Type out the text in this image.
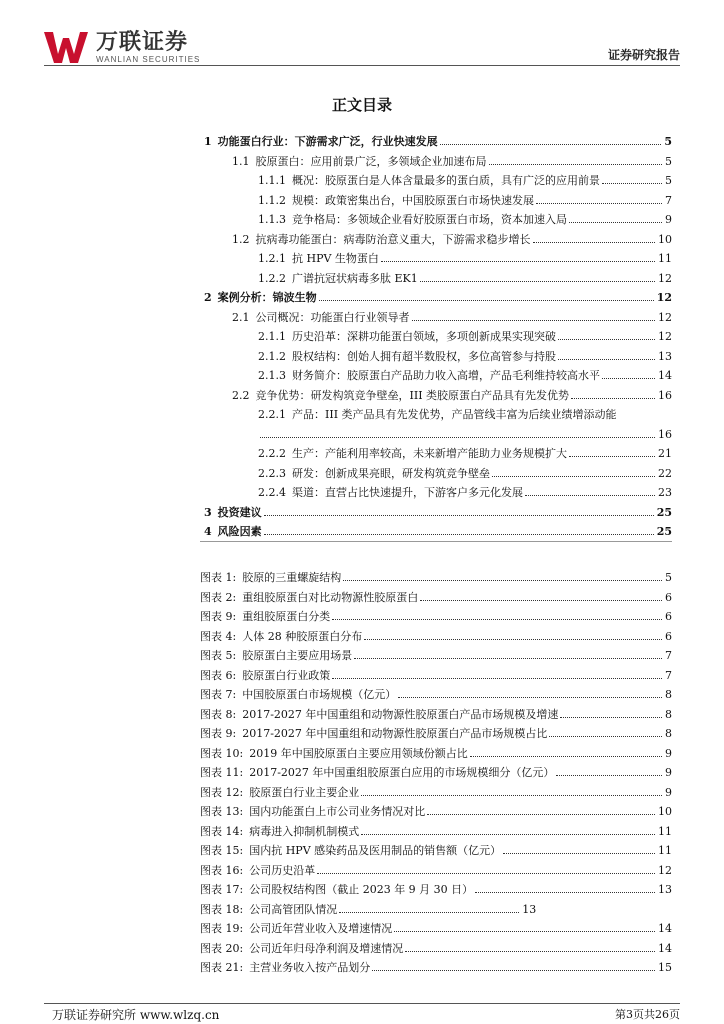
万联证券
WANLIAN SECURITIES	证券研究报告
正文目录
1 功能蛋白行业：下游需求广泛，行业快速发展	5
1.1 胶原蛋白：应用前景广泛，多领域企业加速布局	5
1.1.1 概况：胶原蛋白是人体含量最多的蛋白质，具有广泛的应用前景	5
1.1.2 规模：政策密集出台，中国胶原蛋白市场快速发展	7
1.1.3 竞争格局：多领域企业看好胶原蛋白市场，资本加速入局	9
1.2 抗病毒功能蛋白：病毒防治意义重大，下游需求稳步增长	10
1.2.1 抗 HPV 生物蛋白	11
1.2.2 广谱抗冠状病毒多肽 EK1	12
2 案例分析：锦波生物	12
2.1 公司概况：功能蛋白行业领导者	12
2.1.1 历史沿革：深耕功能蛋白领域，多项创新成果实现突破	12
2.1.2 股权结构：创始人拥有超半数股权，多位高管参与持股	13
2.1.3 财务简介：胶原蛋白产品助力收入高增，产品毛利维持较高水平	14
2.2 竞争优势：研发构筑竞争壁垒，III 类胶原蛋白产品具有先发优势	16
2.2.1 产品：III 类产品具有先发优势，产品管线丰富为后续业绩增添动能
16
2.2.2 生产：产能利用率较高，未来新增产能助力业务规模扩大	21
2.2.3 研发：创新成果亮眼，研发构筑竞争壁垒	22
2.2.4 渠道：直营占比快速提升，下游客户多元化发展	23
3 投资建议	25
4 风险因素	25
图表 1: 胶原的三重螺旋结构	5
图表 2: 重组胶原蛋白对比动物源性胶原蛋白	6
图表 9: 重组胶原蛋白分类	6
图表 4: 人体 28 种胶原蛋白分布	6
图表 5: 胶原蛋白主要应用场景	7
图表 6: 胶原蛋白行业政策	7
图表 7: 中国胶原蛋白市场规模（亿元）	8
图表 8: 2017-2027 年中国重组和动物源性胶原蛋白产品市场规模及增速	8
图表 9: 2017-2027 年中国重组和动物源性胶原蛋白产品市场规模占比	8
图表 10: 2019 年中国胶原蛋白主要应用领域份额占比	9
图表 11: 2017-2027 年中国重组胶原蛋白应用的市场规模细分（亿元）	9
图表 12: 胶原蛋白行业主要企业	9
图表 13: 国内功能蛋白上市公司业务情况对比	10
图表 14: 病毒进入抑制机制模式	11
图表 15: 国内抗 HPV 感染药品及医用制品的销售额（亿元）	11
图表 16: 公司历史沿革	12
图表 17: 公司股权结构图（截止 2023 年 9 月 30 日）	13
图表 18: 公司高管团队情况	13
图表 19: 公司近年营业收入及增速情况	14
图表 20: 公司近年归母净利润及增速情况	14
图表 21: 主营业务收入按产品划分	15
万联证券研究所 www.wlzq.cn	第3页共26页
